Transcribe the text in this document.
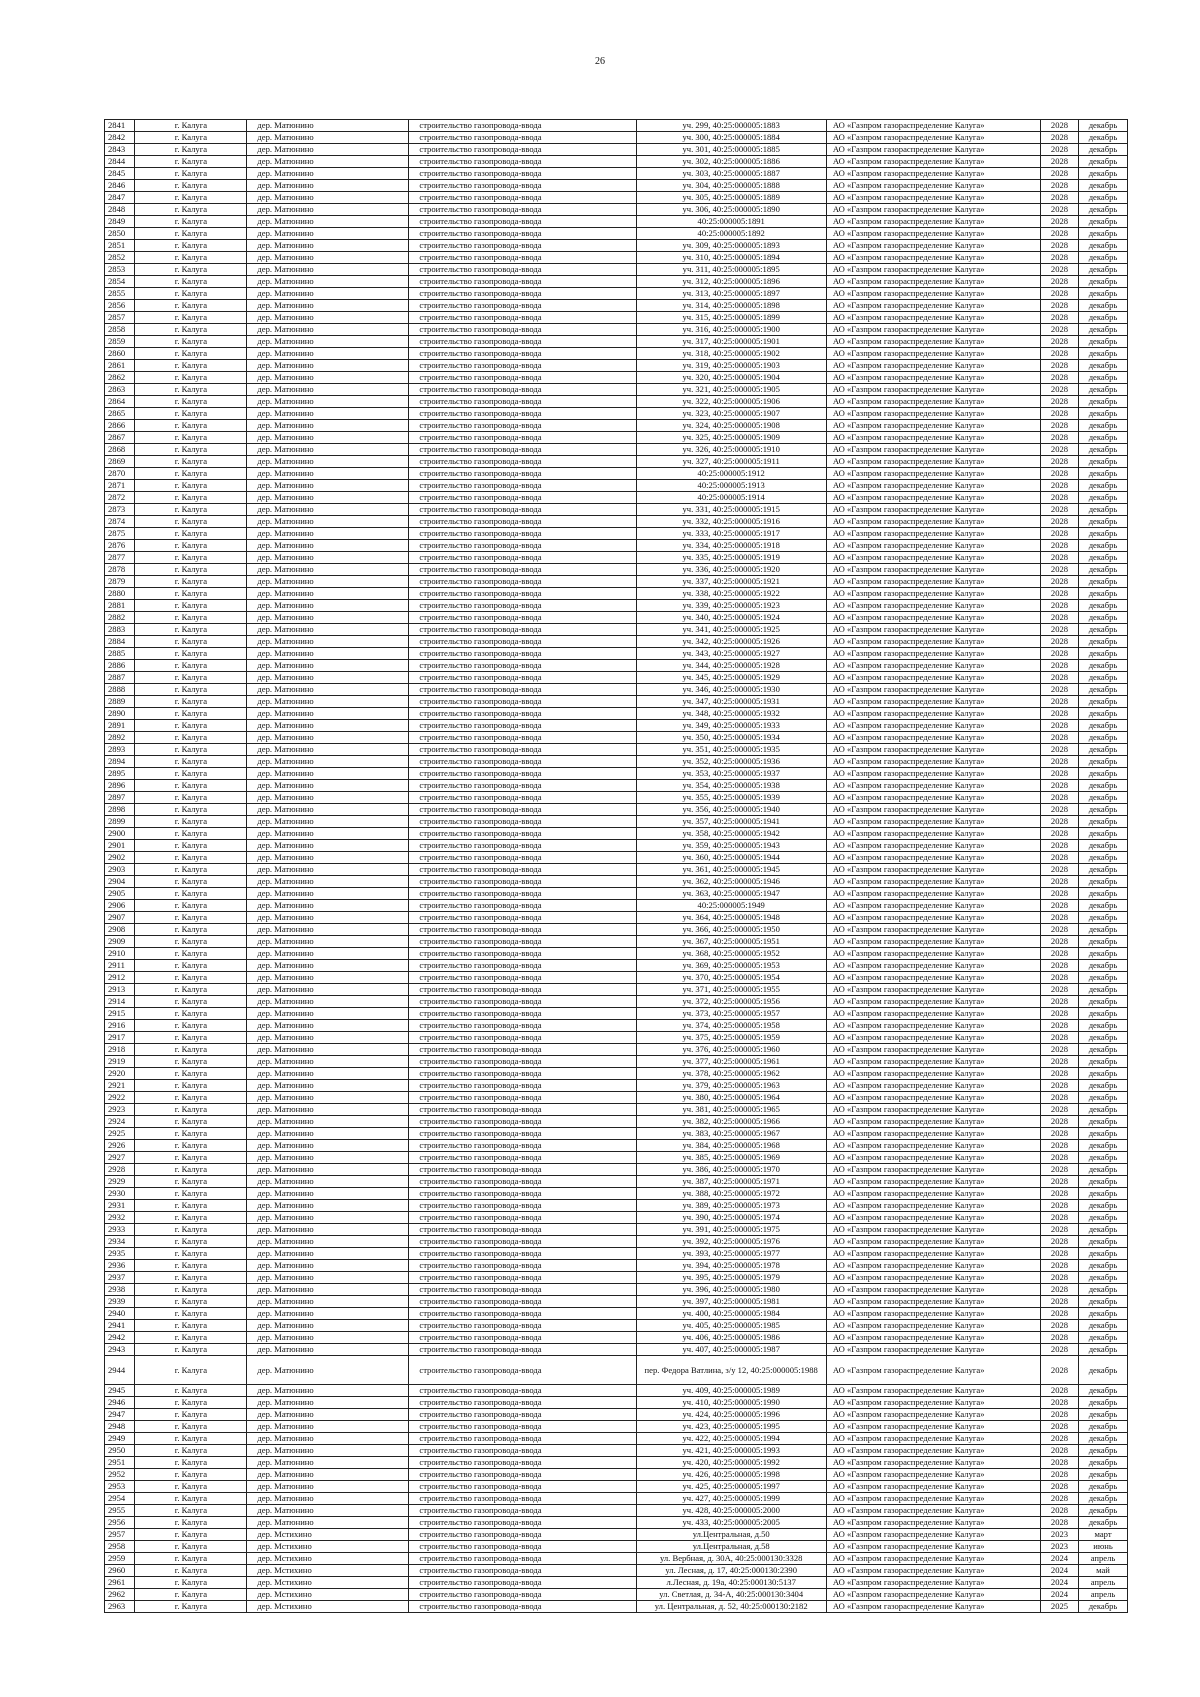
26
2841	г. Калуга	дер. Матюнино	строительство газопровода-ввода	уч. 299, 40:25:000005:1883	АО «Газпром газораспределение Калуга»	2028	декабрь
2842	г. Калуга	дер. Матюнино	строительство газопровода-ввода	уч. 300, 40:25:000005:1884	АО «Газпром газораспределение Калуга»	2028	декабрь
2843	г. Калуга	дер. Матюнино	строительство газопровода-ввода	уч. 301, 40:25:000005:1885	АО «Газпром газораспределение Калуга»	2028	декабрь
2844	г. Калуга	дер. Матюнино	строительство газопровода-ввода	уч. 302, 40:25:000005:1886	АО «Газпром газораспределение Калуга»	2028	декабрь
2845	г. Калуга	дер. Матюнино	строительство газопровода-ввода	уч. 303, 40:25:000005:1887	АО «Газпром газораспределение Калуга»	2028	декабрь
2846	г. Калуга	дер. Матюнино	строительство газопровода-ввода	уч. 304, 40:25:000005:1888	АО «Газпром газораспределение Калуга»	2028	декабрь
2847	г. Калуга	дер. Матюнино	строительство газопровода-ввода	уч. 305, 40:25:000005:1889	АО «Газпром газораспределение Калуга»	2028	декабрь
2848	г. Калуга	дер. Матюнино	строительство газопровода-ввода	уч. 306, 40:25:000005:1890	АО «Газпром газораспределение Калуга»	2028	декабрь
2849	г. Калуга	дер. Матюнино	строительство газопровода-ввода	40:25:000005:1891	АО «Газпром газораспределение Калуга»	2028	декабрь
2850	г. Калуга	дер. Матюнино	строительство газопровода-ввода	40:25:000005:1892	АО «Газпром газораспределение Калуга»	2028	декабрь
2851	г. Калуга	дер. Матюнино	строительство газопровода-ввода	уч. 309, 40:25:000005:1893	АО «Газпром газораспределение Калуга»	2028	декабрь
2852	г. Калуга	дер. Матюнино	строительство газопровода-ввода	уч. 310, 40:25:000005:1894	АО «Газпром газораспределение Калуга»	2028	декабрь
2853	г. Калуга	дер. Матюнино	строительство газопровода-ввода	уч. 311, 40:25:000005:1895	АО «Газпром газораспределение Калуга»	2028	декабрь
2854	г. Калуга	дер. Матюнино	строительство газопровода-ввода	уч. 312, 40:25:000005:1896	АО «Газпром газораспределение Калуга»	2028	декабрь
2855	г. Калуга	дер. Матюнино	строительство газопровода-ввода	уч. 313, 40:25:000005:1897	АО «Газпром газораспределение Калуга»	2028	декабрь
2856	г. Калуга	дер. Матюнино	строительство газопровода-ввода	уч. 314, 40:25:000005:1898	АО «Газпром газораспределение Калуга»	2028	декабрь
2857	г. Калуга	дер. Матюнино	строительство газопровода-ввода	уч. 315, 40:25:000005:1899	АО «Газпром газораспределение Калуга»	2028	декабрь
2858	г. Калуга	дер. Матюнино	строительство газопровода-ввода	уч. 316, 40:25:000005:1900	АО «Газпром газораспределение Калуга»	2028	декабрь
2859	г. Калуга	дер. Матюнино	строительство газопровода-ввода	уч. 317, 40:25:000005:1901	АО «Газпром газораспределение Калуга»	2028	декабрь
2860	г. Калуга	дер. Матюнино	строительство газопровода-ввода	уч. 318, 40:25:000005:1902	АО «Газпром газораспределение Калуга»	2028	декабрь
2861	г. Калуга	дер. Матюнино	строительство газопровода-ввода	уч. 319, 40:25:000005:1903	АО «Газпром газораспределение Калуга»	2028	декабрь
2862	г. Калуга	дер. Матюнино	строительство газопровода-ввода	уч. 320, 40:25:000005:1904	АО «Газпром газораспределение Калуга»	2028	декабрь
2863	г. Калуга	дер. Матюнино	строительство газопровода-ввода	уч. 321, 40:25:000005:1905	АО «Газпром газораспределение Калуга»	2028	декабрь
2864	г. Калуга	дер. Матюнино	строительство газопровода-ввода	уч. 322, 40:25:000005:1906	АО «Газпром газораспределение Калуга»	2028	декабрь
2865	г. Калуга	дер. Матюнино	строительство газопровода-ввода	уч. 323, 40:25:000005:1907	АО «Газпром газораспределение Калуга»	2028	декабрь
2866	г. Калуга	дер. Матюнино	строительство газопровода-ввода	уч. 324, 40:25:000005:1908	АО «Газпром газораспределение Калуга»	2028	декабрь
2867	г. Калуга	дер. Матюнино	строительство газопровода-ввода	уч. 325, 40:25:000005:1909	АО «Газпром газораспределение Калуга»	2028	декабрь
2868	г. Калуга	дер. Матюнино	строительство газопровода-ввода	уч. 326, 40:25:000005:1910	АО «Газпром газораспределение Калуга»	2028	декабрь
2869	г. Калуга	дер. Матюнино	строительство газопровода-ввода	уч. 327, 40:25:000005:1911	АО «Газпром газораспределение Калуга»	2028	декабрь
2870	г. Калуга	дер. Матюнино	строительство газопровода-ввода	40:25:000005:1912	АО «Газпром газораспределение Калуга»	2028	декабрь
2871	г. Калуга	дер. Матюнино	строительство газопровода-ввода	40:25:000005:1913	АО «Газпром газораспределение Калуга»	2028	декабрь
2872	г. Калуга	дер. Матюнино	строительство газопровода-ввода	40:25:000005:1914	АО «Газпром газораспределение Калуга»	2028	декабрь
2873	г. Калуга	дер. Матюнино	строительство газопровода-ввода	уч. 331, 40:25:000005:1915	АО «Газпром газораспределение Калуга»	2028	декабрь
2874	г. Калуга	дер. Матюнино	строительство газопровода-ввода	уч. 332, 40:25:000005:1916	АО «Газпром газораспределение Калуга»	2028	декабрь
2875	г. Калуга	дер. Матюнино	строительство газопровода-ввода	уч. 333, 40:25:000005:1917	АО «Газпром газораспределение Калуга»	2028	декабрь
2876	г. Калуга	дер. Матюнино	строительство газопровода-ввода	уч. 334, 40:25:000005:1918	АО «Газпром газораспределение Калуга»	2028	декабрь
2877	г. Калуга	дер. Матюнино	строительство газопровода-ввода	уч. 335, 40:25:000005:1919	АО «Газпром газораспределение Калуга»	2028	декабрь
2878	г. Калуга	дер. Матюнино	строительство газопровода-ввода	уч. 336, 40:25:000005:1920	АО «Газпром газораспределение Калуга»	2028	декабрь
2879	г. Калуга	дер. Матюнино	строительство газопровода-ввода	уч. 337, 40:25:000005:1921	АО «Газпром газораспределение Калуга»	2028	декабрь
2880	г. Калуга	дер. Матюнино	строительство газопровода-ввода	уч. 338, 40:25:000005:1922	АО «Газпром газораспределение Калуга»	2028	декабрь
2881	г. Калуга	дер. Матюнино	строительство газопровода-ввода	уч. 339, 40:25:000005:1923	АО «Газпром газораспределение Калуга»	2028	декабрь
2882	г. Калуга	дер. Матюнино	строительство газопровода-ввода	уч. 340, 40:25:000005:1924	АО «Газпром газораспределение Калуга»	2028	декабрь
2883	г. Калуга	дер. Матюнино	строительство газопровода-ввода	уч. 341, 40:25:000005:1925	АО «Газпром газораспределение Калуга»	2028	декабрь
2884	г. Калуга	дер. Матюнино	строительство газопровода-ввода	уч. 342, 40:25:000005:1926	АО «Газпром газораспределение Калуга»	2028	декабрь
2885	г. Калуга	дер. Матюнино	строительство газопровода-ввода	уч. 343, 40:25:000005:1927	АО «Газпром газораспределение Калуга»	2028	декабрь
2886	г. Калуга	дер. Матюнино	строительство газопровода-ввода	уч. 344, 40:25:000005:1928	АО «Газпром газораспределение Калуга»	2028	декабрь
2887	г. Калуга	дер. Матюнино	строительство газопровода-ввода	уч. 345, 40:25:000005:1929	АО «Газпром газораспределение Калуга»	2028	декабрь
2888	г. Калуга	дер. Матюнино	строительство газопровода-ввода	уч. 346, 40:25:000005:1930	АО «Газпром газораспределение Калуга»	2028	декабрь
2889	г. Калуга	дер. Матюнино	строительство газопровода-ввода	уч. 347, 40:25:000005:1931	АО «Газпром газораспределение Калуга»	2028	декабрь
2890	г. Калуга	дер. Матюнино	строительство газопровода-ввода	уч. 348, 40:25:000005:1932	АО «Газпром газораспределение Калуга»	2028	декабрь
2891	г. Калуга	дер. Матюнино	строительство газопровода-ввода	уч. 349, 40:25:000005:1933	АО «Газпром газораспределение Калуга»	2028	декабрь
2892	г. Калуга	дер. Матюнино	строительство газопровода-ввода	уч. 350, 40:25:000005:1934	АО «Газпром газораспределение Калуга»	2028	декабрь
2893	г. Калуга	дер. Матюнино	строительство газопровода-ввода	уч. 351, 40:25:000005:1935	АО «Газпром газораспределение Калуга»	2028	декабрь
2894	г. Калуга	дер. Матюнино	строительство газопровода-ввода	уч. 352, 40:25:000005:1936	АО «Газпром газораспределение Калуга»	2028	декабрь
2895	г. Калуга	дер. Матюнино	строительство газопровода-ввода	уч. 353, 40:25:000005:1937	АО «Газпром газораспределение Калуга»	2028	декабрь
2896	г. Калуга	дер. Матюнино	строительство газопровода-ввода	уч. 354, 40:25:000005:1938	АО «Газпром газораспределение Калуга»	2028	декабрь
2897	г. Калуга	дер. Матюнино	строительство газопровода-ввода	уч. 355, 40:25:000005:1939	АО «Газпром газораспределение Калуга»	2028	декабрь
2898	г. Калуга	дер. Матюнино	строительство газопровода-ввода	уч. 356, 40:25:000005:1940	АО «Газпром газораспределение Калуга»	2028	декабрь
2899	г. Калуга	дер. Матюнино	строительство газопровода-ввода	уч. 357, 40:25:000005:1941	АО «Газпром газораспределение Калуга»	2028	декабрь
2900	г. Калуга	дер. Матюнино	строительство газопровода-ввода	уч. 358, 40:25:000005:1942	АО «Газпром газораспределение Калуга»	2028	декабрь
2901	г. Калуга	дер. Матюнино	строительство газопровода-ввода	уч. 359, 40:25:000005:1943	АО «Газпром газораспределение Калуга»	2028	декабрь
2902	г. Калуга	дер. Матюнино	строительство газопровода-ввода	уч. 360, 40:25:000005:1944	АО «Газпром газораспределение Калуга»	2028	декабрь
2903	г. Калуга	дер. Матюнино	строительство газопровода-ввода	уч. 361, 40:25:000005:1945	АО «Газпром газораспределение Калуга»	2028	декабрь
2904	г. Калуга	дер. Матюнино	строительство газопровода-ввода	уч. 362, 40:25:000005:1946	АО «Газпром газораспределение Калуга»	2028	декабрь
2905	г. Калуга	дер. Матюнино	строительство газопровода-ввода	уч. 363, 40:25:000005:1947	АО «Газпром газораспределение Калуга»	2028	декабрь
2906	г. Калуга	дер. Матюнино	строительство газопровода-ввода	40:25:000005:1949	АО «Газпром газораспределение Калуга»	2028	декабрь
2907	г. Калуга	дер. Матюнино	строительство газопровода-ввода	уч. 364, 40:25:000005:1948	АО «Газпром газораспределение Калуга»	2028	декабрь
2908	г. Калуга	дер. Матюнино	строительство газопровода-ввода	уч. 366, 40:25:000005:1950	АО «Газпром газораспределение Калуга»	2028	декабрь
2909	г. Калуга	дер. Матюнино	строительство газопровода-ввода	уч. 367, 40:25:000005:1951	АО «Газпром газораспределение Калуга»	2028	декабрь
2910	г. Калуга	дер. Матюнино	строительство газопровода-ввода	уч. 368, 40:25:000005:1952	АО «Газпром газораспределение Калуга»	2028	декабрь
2911	г. Калуга	дер. Матюнино	строительство газопровода-ввода	уч. 369, 40:25:000005:1953	АО «Газпром газораспределение Калуга»	2028	декабрь
2912	г. Калуга	дер. Матюнино	строительство газопровода-ввода	уч. 370, 40:25:000005:1954	АО «Газпром газораспределение Калуга»	2028	декабрь
2913	г. Калуга	дер. Матюнино	строительство газопровода-ввода	уч. 371, 40:25:000005:1955	АО «Газпром газораспределение Калуга»	2028	декабрь
2914	г. Калуга	дер. Матюнино	строительство газопровода-ввода	уч. 372, 40:25:000005:1956	АО «Газпром газораспределение Калуга»	2028	декабрь
2915	г. Калуга	дер. Матюнино	строительство газопровода-ввода	уч. 373, 40:25:000005:1957	АО «Газпром газораспределение Калуга»	2028	декабрь
2916	г. Калуга	дер. Матюнино	строительство газопровода-ввода	уч. 374, 40:25:000005:1958	АО «Газпром газораспределение Калуга»	2028	декабрь
2917	г. Калуга	дер. Матюнино	строительство газопровода-ввода	уч. 375, 40:25:000005:1959	АО «Газпром газораспределение Калуга»	2028	декабрь
2918	г. Калуга	дер. Матюнино	строительство газопровода-ввода	уч. 376, 40:25:000005:1960	АО «Газпром газораспределение Калуга»	2028	декабрь
2919	г. Калуга	дер. Матюнино	строительство газопровода-ввода	уч. 377, 40:25:000005:1961	АО «Газпром газораспределение Калуга»	2028	декабрь
2920	г. Калуга	дер. Матюнино	строительство газопровода-ввода	уч. 378, 40:25:000005:1962	АО «Газпром газораспределение Калуга»	2028	декабрь
2921	г. Калуга	дер. Матюнино	строительство газопровода-ввода	уч. 379, 40:25:000005:1963	АО «Газпром газораспределение Калуга»	2028	декабрь
2922	г. Калуга	дер. Матюнино	строительство газопровода-ввода	уч. 380, 40:25:000005:1964	АО «Газпром газораспределение Калуга»	2028	декабрь
2923	г. Калуга	дер. Матюнино	строительство газопровода-ввода	уч. 381, 40:25:000005:1965	АО «Газпром газораспределение Калуга»	2028	декабрь
2924	г. Калуга	дер. Матюнино	строительство газопровода-ввода	уч. 382, 40:25:000005:1966	АО «Газпром газораспределение Калуга»	2028	декабрь
2925	г. Калуга	дер. Матюнино	строительство газопровода-ввода	уч. 383, 40:25:000005:1967	АО «Газпром газораспределение Калуга»	2028	декабрь
2926	г. Калуга	дер. Матюнино	строительство газопровода-ввода	уч. 384, 40:25:000005:1968	АО «Газпром газораспределение Калуга»	2028	декабрь
2927	г. Калуга	дер. Матюнино	строительство газопровода-ввода	уч. 385, 40:25:000005:1969	АО «Газпром газораспределение Калуга»	2028	декабрь
2928	г. Калуга	дер. Матюнино	строительство газопровода-ввода	уч. 386, 40:25:000005:1970	АО «Газпром газораспределение Калуга»	2028	декабрь
2929	г. Калуга	дер. Матюнино	строительство газопровода-ввода	уч. 387, 40:25:000005:1971	АО «Газпром газораспределение Калуга»	2028	декабрь
2930	г. Калуга	дер. Матюнино	строительство газопровода-ввода	уч. 388, 40:25:000005:1972	АО «Газпром газораспределение Калуга»	2028	декабрь
2931	г. Калуга	дер. Матюнино	строительство газопровода-ввода	уч. 389, 40:25:000005:1973	АО «Газпром газораспределение Калуга»	2028	декабрь
2932	г. Калуга	дер. Матюнино	строительство газопровода-ввода	уч. 390, 40:25:000005:1974	АО «Газпром газораспределение Калуга»	2028	декабрь
2933	г. Калуга	дер. Матюнино	строительство газопровода-ввода	уч. 391, 40:25:000005:1975	АО «Газпром газораспределение Калуга»	2028	декабрь
2934	г. Калуга	дер. Матюнино	строительство газопровода-ввода	уч. 392, 40:25:000005:1976	АО «Газпром газораспределение Калуга»	2028	декабрь
2935	г. Калуга	дер. Матюнино	строительство газопровода-ввода	уч. 393, 40:25:000005:1977	АО «Газпром газораспределение Калуга»	2028	декабрь
2936	г. Калуга	дер. Матюнино	строительство газопровода-ввода	уч. 394, 40:25:000005:1978	АО «Газпром газораспределение Калуга»	2028	декабрь
2937	г. Калуга	дер. Матюнино	строительство газопровода-ввода	уч. 395, 40:25:000005:1979	АО «Газпром газораспределение Калуга»	2028	декабрь
2938	г. Калуга	дер. Матюнино	строительство газопровода-ввода	уч. 396, 40:25:000005:1980	АО «Газпром газораспределение Калуга»	2028	декабрь
2939	г. Калуга	дер. Матюнино	строительство газопровода-ввода	уч. 397, 40:25:000005:1981	АО «Газпром газораспределение Калуга»	2028	декабрь
2940	г. Калуга	дер. Матюнино	строительство газопровода-ввода	уч. 400, 40:25:000005:1984	АО «Газпром газораспределение Калуга»	2028	декабрь
2941	г. Калуга	дер. Матюнино	строительство газопровода-ввода	уч. 405, 40:25:000005:1985	АО «Газпром газораспределение Калуга»	2028	декабрь
2942	г. Калуга	дер. Матюнино	строительство газопровода-ввода	уч. 406, 40:25:000005:1986	АО «Газпром газораспределение Калуга»	2028	декабрь
2943	г. Калуга	дер. Матюнино	строительство газопровода-ввода	уч. 407, 40:25:000005:1987	АО «Газпром газораспределение Калуга»	2028	декабрь
2944	г. Калуга	дер. Матюнино	строительство газопровода-ввода	пер. Федора Ватлина, з/у 12, 40:25:000005:1988	АО «Газпром газораспределение Калуга»	2028	декабрь
2945	г. Калуга	дер. Матюнино	строительство газопровода-ввода	уч. 409, 40:25:000005:1989	АО «Газпром газораспределение Калуга»	2028	декабрь
2946	г. Калуга	дер. Матюнино	строительство газопровода-ввода	уч. 410, 40:25:000005:1990	АО «Газпром газораспределение Калуга»	2028	декабрь
2947	г. Калуга	дер. Матюнино	строительство газопровода-ввода	уч. 424, 40:25:000005:1996	АО «Газпром газораспределение Калуга»	2028	декабрь
2948	г. Калуга	дер. Матюнино	строительство газопровода-ввода	уч. 423, 40:25:000005:1995	АО «Газпром газораспределение Калуга»	2028	декабрь
2949	г. Калуга	дер. Матюнино	строительство газопровода-ввода	уч. 422, 40:25:000005:1994	АО «Газпром газораспределение Калуга»	2028	декабрь
2950	г. Калуга	дер. Матюнино	строительство газопровода-ввода	уч. 421, 40:25:000005:1993	АО «Газпром газораспределение Калуга»	2028	декабрь
2951	г. Калуга	дер. Матюнино	строительство газопровода-ввода	уч. 420, 40:25:000005:1992	АО «Газпром газораспределение Калуга»	2028	декабрь
2952	г. Калуга	дер. Матюнино	строительство газопровода-ввода	уч. 426, 40:25:000005:1998	АО «Газпром газораспределение Калуга»	2028	декабрь
2953	г. Калуга	дер. Матюнино	строительство газопровода-ввода	уч. 425, 40:25:000005:1997	АО «Газпром газораспределение Калуга»	2028	декабрь
2954	г. Калуга	дер. Матюнино	строительство газопровода-ввода	уч. 427, 40:25:000005:1999	АО «Газпром газораспределение Калуга»	2028	декабрь
2955	г. Калуга	дер. Матюнино	строительство газопровода-ввода	уч. 428, 40:25:000005:2000	АО «Газпром газораспределение Калуга»	2028	декабрь
2956	г. Калуга	дер. Матюнино	строительство газопровода-ввода	уч. 433, 40:25:000005:2005	АО «Газпром газораспределение Калуга»	2028	декабрь
2957	г. Калуга	дер. Мстихино	строительство газопровода-ввода	ул.Центральная, д.50	АО «Газпром газораспределение Калуга»	2023	март
2958	г. Калуга	дер. Мстихино	строительство газопровода-ввода	ул.Центральная, д.58	АО «Газпром газораспределение Калуга»	2023	июнь
2959	г. Калуга	дер. Мстихино	строительство газопровода-ввода	ул. Вербная, д. 30А, 40:25:000130:3328	АО «Газпром газораспределение Калуга»	2024	апрель
2960	г. Калуга	дер. Мстихино	строительство газопровода-ввода	ул. Лесная, д. 17, 40:25:000130:2390	АО «Газпром газораспределение Калуга»	2024	май
2961	г. Калуга	дер. Мстихино	строительство газопровода-ввода	л.Лесная, д. 19а, 40:25:000130:5137	АО «Газпром газораспределение Калуга»	2024	апрель
2962	г. Калуга	дер. Мстихино	строительство газопровода-ввода	ул. Светлая, д. 34-А, 40:25:000130:3404	АО «Газпром газораспределение Калуга»	2024	апрель
2963	г. Калуга	дер. Мстихино	строительство газопровода-ввода	ул. Центральная, д. 52, 40:25:000130:2182	АО «Газпром газораспределение Калуга»	2025	декабрь
